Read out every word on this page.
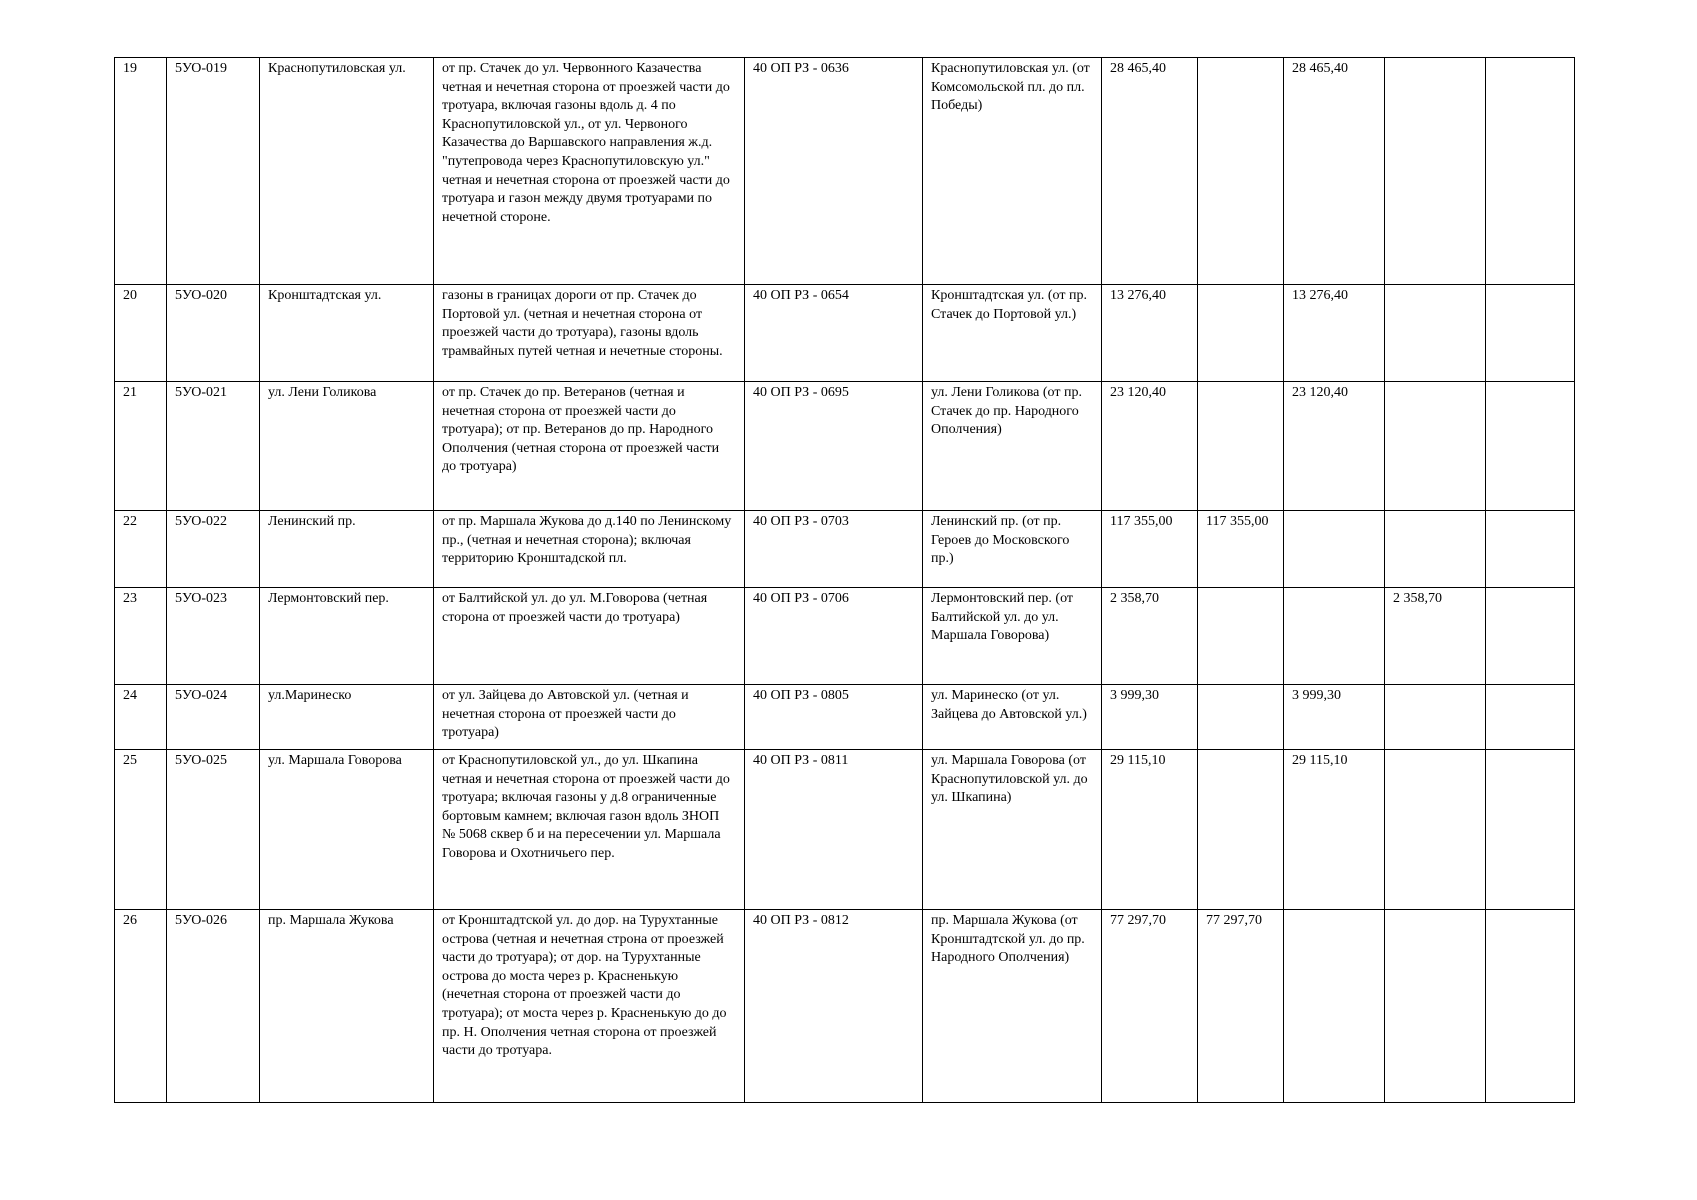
19	5УО-019	Краснопутиловская ул.	от пр. Стачек до ул. Червонного Казачества четная и нечетная сторона от проезжей части до тротуара, включая газоны вдоль д. 4 по Краснопутиловской ул., от ул. Червоного Казачества до Варшавского направления ж.д. "путепровода через Краснопутиловскую ул." четная и нечетная сторона от проезжей части до тротуара и газон между двумя тротуарами по нечетной стороне.	40 ОП РЗ - 0636	Краснопутиловская ул. (от Комсомольской пл. до пл. Победы)	28 465,40		28 465,40		
20	5УО-020	Кронштадтская ул.	газоны в границах дороги от пр. Стачек до Портовой ул. (четная и нечетная сторона от проезжей части до тротуара), газоны вдоль трамвайных путей четная и нечетные стороны.	40 ОП РЗ - 0654	Кронштадтская ул. (от пр. Стачек до Портовой ул.)	13 276,40		13 276,40		
21	5УО-021	ул. Лени Голикова	от пр. Стачек до пр. Ветеранов (четная и нечетная сторона от проезжей части до тротуара); от пр. Ветеранов до пр. Народного Ополчения (четная сторона от проезжей части до тротуара)	40 ОП РЗ - 0695	ул. Лени Голикова (от пр. Стачек до пр. Народного Ополчения)	23 120,40		23 120,40		
22	5УО-022	Ленинский пр.	от пр. Маршала Жукова до д.140 по Ленинскому пр., (четная и нечетная сторона); включая территорию Кронштадской пл.	40 ОП РЗ - 0703	Ленинский пр. (от пр. Героев до Московского пр.)	117 355,00	117 355,00			
23	5УО-023	Лермонтовский пер.	от Балтийской ул. до ул. М.Говорова (четная сторона от проезжей части до тротуара)	40 ОП РЗ - 0706	Лермонтовский пер. (от Балтийской ул. до ул. Маршала Говорова)	2 358,70			2 358,70	
24	5УО-024	ул.Маринеско	от ул. Зайцева до Автовской ул. (четная и нечетная сторона от проезжей части до тротуара)	40 ОП РЗ - 0805	ул. Маринеско (от ул. Зайцева до Автовской ул.)	3 999,30		3 999,30		
25	5УО-025	ул. Маршала Говорова	от Краснопутиловской ул., до ул. Шкапина четная и нечетная сторона от проезжей части до тротуара; включая газоны у д.8 ограниченные бортовым камнем; включая газон вдоль ЗНОП № 5068 сквер б и на пересечении ул. Маршала Говорова и Охотничьего пер.	40 ОП РЗ - 0811	ул. Маршала Говорова (от Краснопутиловской ул. до ул. Шкапина)	29 115,10		29 115,10		
26	5УО-026	пр. Маршала Жукова	от Кронштадтской ул. до дор. на Турухтанные острова (четная и нечетная строна от проезжей части до тротуара); от дор. на Турухтанные острова до моста через р. Красненькую (нечетная сторона от проезжей части до тротуара); от моста через р. Красненькую до до пр. Н. Ополчения четная сторона от проезжей части до тротуара.	40 ОП РЗ - 0812	пр. Маршала Жукова (от Кронштадтской ул. до пр. Народного Ополчения)	77 297,70	77 297,70			
